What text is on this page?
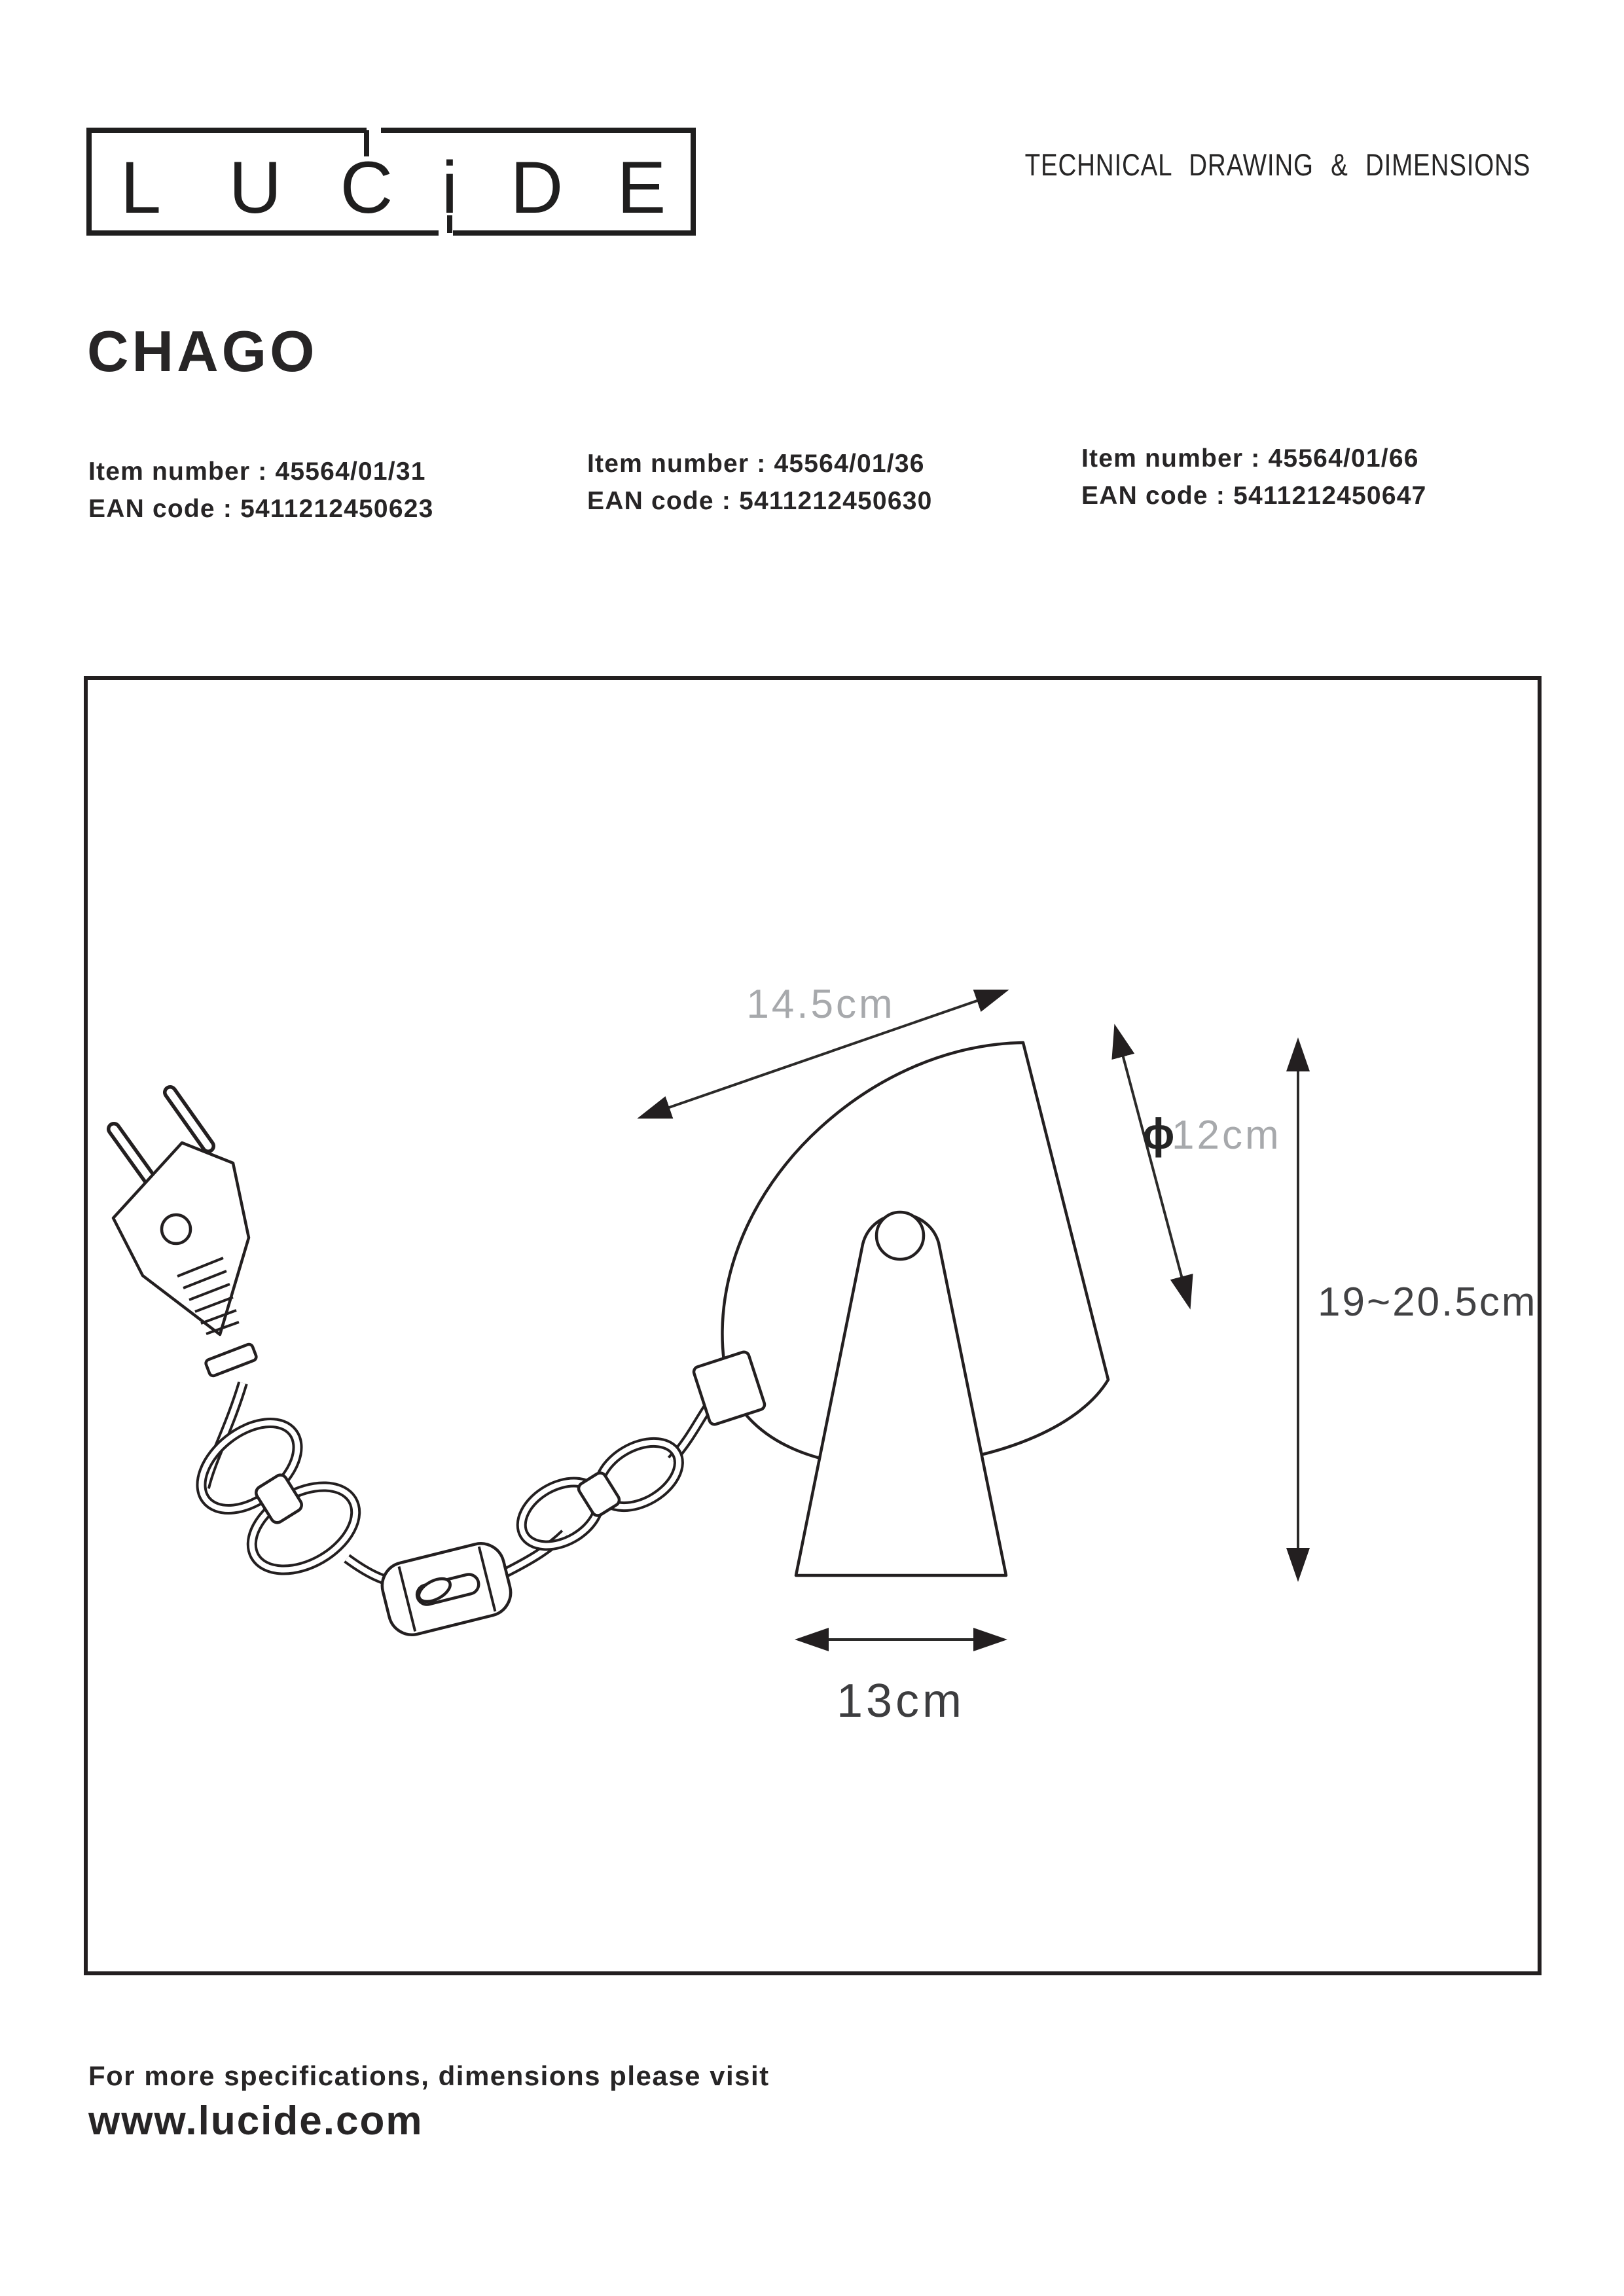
L U C i D E	TECHNICAL DRAWING & DIMENSIONS
CHAGO
Item number : 45564/01/31
EAN code : 5411212450623
Item number : 45564/01/36
EAN code : 5411212450630
Item number : 45564/01/66
EAN code : 5411212450647
14.5cm
ϕ
12cm
19~20.5cm
13cm
For more specifications, dimensions please visit
www.lucide.com
